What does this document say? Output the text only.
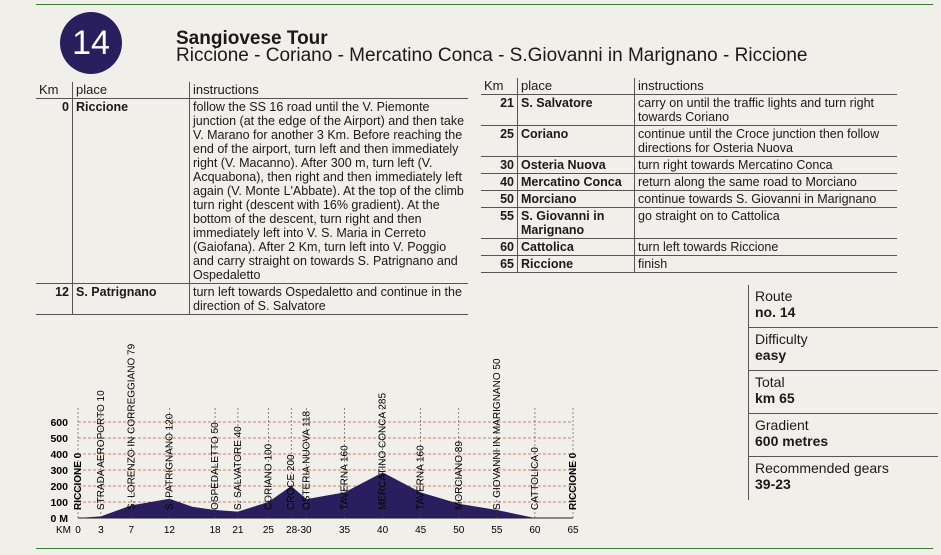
14	Sangiovese Tour
Riccione - Coriano - Mercatino Conca - S.Giovanni in Marignano - Riccione
Km	place	instructions
0	Riccione	follow the SS 16 road until the V. Piemonte junction (at the edge of the Airport) and then take V. Marano for another 3 Km. Before reaching the end of the airport, turn left and then immediately right (V. Macanno). After 300 m, turn left (V. Acquabona), then right and then immediately left again (V. Monte L'Abbate). At the top of the climb turn right (descent with 16% gradient). At the bottom of the descent, turn right and then immediately left into V. S. Maria in Cerreto (Gaiofana). After 2 Km, turn left into V. Poggio and carry straight on towards S. Patrignano and Ospedaletto
12	S. Patrignano	turn left towards Ospedaletto and continue in the direction of S. Salvatore
Km	place	instructions
21	S. Salvatore	carry on until the traffic lights and turn right towards Coriano
25	Coriano	continue until the Croce junction then follow directions for Osteria Nuova
30	Osteria Nuova	turn right towards Mercatino Conca
40	Mercatino Conca	return along the same road to Morciano
50	Morciano	continue towards S. Giovanni in Marignano
55	S. Giovanni in Marignano	go straight on to Cattolica
60	Cattolica	turn left towards Riccione
65	Riccione	finish
Route
no. 14
Difficulty
easy
Total
km 65
Gradient
600 metres
Recommended gears
39-23
600
500
400
300
200
100
0 M
RICCIONE 0 STRADA AEROPORTO 10 S. LORENZO IN CORREGGIANO 79	S. PATRIGNANO 120	OSPEDALETTO 50 S. SALVATORE 40 CORIANO 100 CROCE 200 OSTERIA NUOVA 118	TAVERNA 160	MERCATINO CONCA 285	TAVERNA 160	MORCIANO 89	S. GIOVANNI IN MARIGNANO 50	CATTOLICA 0	RICCIONE 0
KM 0 3 7	12	18 21 25 28-30	35	40	45	50	55	60	65
